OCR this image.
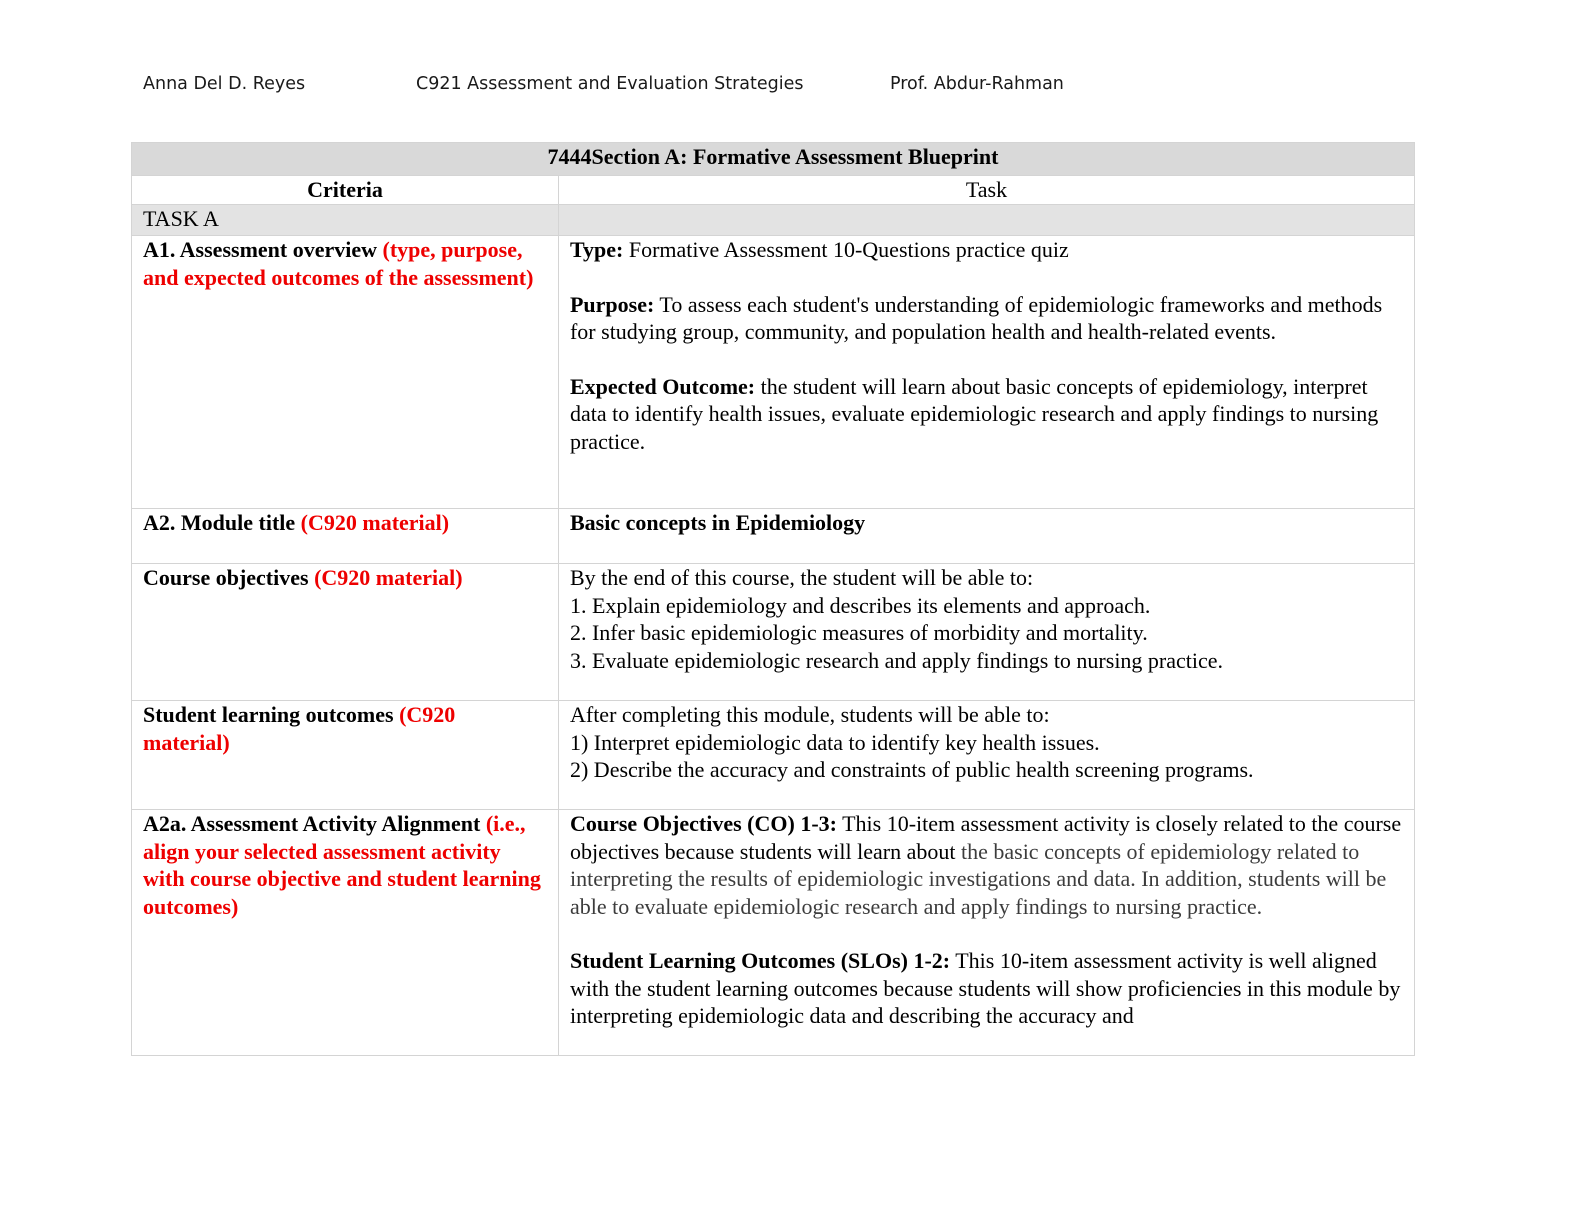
Anna Del D. Reyes	C921 Assessment and Evaluation Strategies	Prof. Abdur-Rahman
7444Section A: Formative Assessment Blueprint	
Criteria	Task
TASK A	
A1. Assessment overview (type, purpose, and expected outcomes of the assessment)	Type: Formative Assessment 10-Questions practice quiz
Purpose: To assess each student's understanding of epidemiologic frameworks and methods for studying group, community, and population health and health-related events.
Expected Outcome: the student will learn about basic concepts of epidemiology, interpret data to identify health issues, evaluate epidemiologic research and apply findings to nursing practice.

A2. Module title (C920 material)	Basic concepts in Epidemiology
Course objectives (C920 material)	By the end of this course, the student will be able to:
1. Explain epidemiology and describes its elements and approach.
2. Infer basic epidemiologic measures of morbidity and mortality.
3. Evaluate epidemiologic research and apply findings to nursing practice.

Student learning outcomes (C920 material)	After completing this module, students will be able to:
1) Interpret epidemiologic data to identify key health issues.
2) Describe the accuracy and constraints of public health screening programs.

A2a. Assessment Activity Alignment (i.e., align your selected assessment activity with course objective and student learning outcomes)	Course Objectives (CO) 1-3: This 10-item assessment activity is closely related to the course objectives because students will learn about the basic concepts of epidemiology related to interpreting the results of epidemiologic investigations and data. In addition, students will be able to evaluate epidemiologic research and apply findings to nursing practice.
Student Learning Outcomes (SLOs) 1-2: This 10-item assessment activity is well aligned with the student learning outcomes because students will show proficiencies in this module by interpreting epidemiologic data and describing the accuracy and
